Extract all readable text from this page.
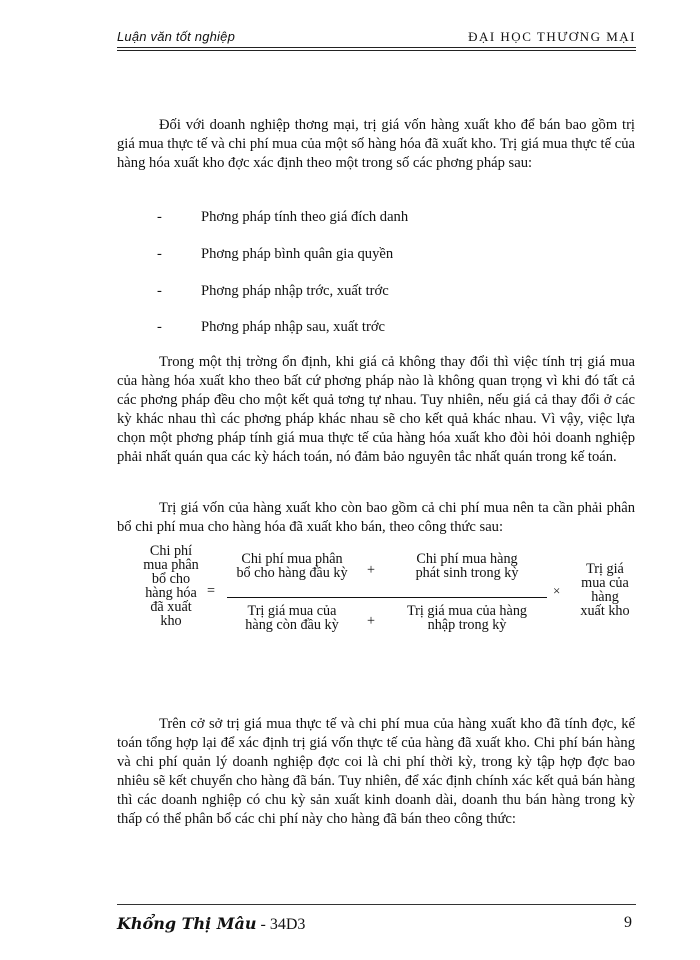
Luận văn tốt nghiệp	ĐẠI HỌC THƯƠNG MẠI

Đối với doanh nghiệp thơng mại, trị giá vốn hàng xuất kho để bán bao gồm trị giá mua thực tế và chi phí mua của một số hàng hóa đã xuất kho. Trị giá mua thực tế của hàng hóa xuất kho đợc xác định theo một trong số các phơng pháp sau:

-	Phơng pháp tính theo giá đích danh
-	Phơng pháp bình quân gia quyền
-	Phơng pháp nhập trớc, xuất trớc
-	Phơng pháp nhập sau, xuất trớc

Trong một thị trờng ổn định, khi giá cả không thay đổi thì việc tính trị giá mua của hàng hóa xuất kho theo bất cứ phơng pháp nào là không quan trọng vì khi đó tất cả các phơng pháp đều cho một kết quả tơng tự nhau. Tuy nhiên, nếu giá cả thay đổi ở các kỳ khác nhau thì các phơng pháp khác nhau sẽ cho kết quả khác nhau. Vì vậy, việc lựa chọn một phơng pháp tính giá mua thực tế của hàng hóa xuất kho đòi hỏi doanh nghiệp phải nhất quán qua các kỳ hách toán, nó đảm bảo nguyên tắc nhất quán trong kế toán.

Trị giá vốn của hàng xuất kho còn bao gồm cả chi phí mua nên ta cần phải phân bổ chi phí mua cho hàng hóa đã xuất kho bán, theo công thức sau:

Chi phí
mua phân
bổ cho
hàng hóa
đã xuất
kho
=
Chi phí mua phân
bổ cho hàng đầu kỳ	+
Chi phí mua hàng
phát sinh trong kỳ
Trị giá mua của
hàng còn đầu kỳ	+
Trị giá mua của hàng
nhập trong kỳ
×
Trị giá
mua của
hàng
xuất kho

Trên cở sở trị giá mua thực tế và chi phí mua của hàng xuất kho đã tính đợc, kế toán tổng hợp lại để xác định trị giá vốn thực tế của hàng đã xuất kho. Chi phí bán hàng và chi phí quản lý doanh nghiệp đợc coi là chi phí thời kỳ, trong kỳ tập hợp đợc bao nhiêu sẽ kết chuyển cho hàng đã bán. Tuy nhiên, để xác định chính xác kết quả bán hàng thì các doanh nghiệp có chu kỳ sản xuất kinh doanh dài, doanh thu bán hàng trong kỳ thấp có thể phân bổ các chi phí này cho hàng đã bán theo công thức:

Khổng Thị Mâu - 34D3	9
